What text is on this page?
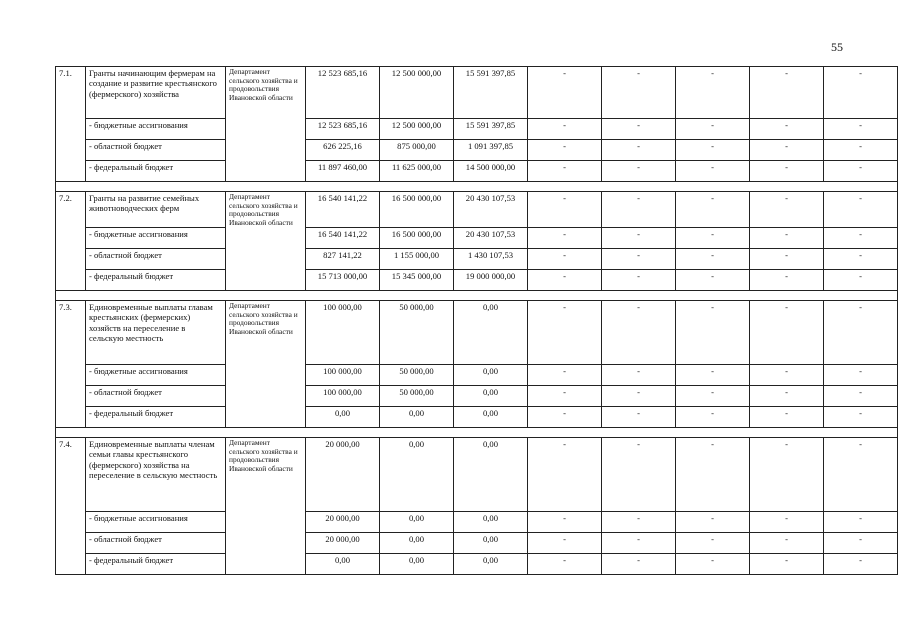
55
7.1.	Гранты начинающим фермерам на создание и развитие крестьянского (фермерского) хозяйства	Департамент сельского хозяйства и продовольствия Ивановской области	12 523 685,16	12 500 000,00	15 591 397,85	-	-	-	-	-
	- бюджетные ассигнования		12 523 685,16	12 500 000,00	15 591 397,85	-	-	-	-	-
	- областной бюджет		626 225,16	875 000,00	1 091 397,85	-	-	-	-	-
	- федеральный бюджет		11 897 460,00	11 625 000,00	14 500 000,00	-	-	-	-	-

7.2.	Гранты на развитие семейных животноводческих ферм	Департамент сельского хозяйства и продовольствия Ивановской области	16 540 141,22	16 500 000,00	20 430 107,53	-	-	-	-	-
	- бюджетные ассигнования		16 540 141,22	16 500 000,00	20 430 107,53	-	-	-	-	-
	- областной бюджет		827 141,22	1 155 000,00	1 430 107,53	-	-	-	-	-
	- федеральный бюджет		15 713 000,00	15 345 000,00	19 000 000,00	-	-	-	-	-

7.3.	Единовременные выплаты главам крестьянских (фермерских) хозяйств на переселение в сельскую местность	Департамент сельского хозяйства и продовольствия Ивановской области	100 000,00	50 000,00	0,00	-	-	-	-	-
	- бюджетные ассигнования		100 000,00	50 000,00	0,00	-	-	-	-	-
	- областной бюджет		100 000,00	50 000,00	0,00	-	-	-	-	-
	- федеральный бюджет		0,00	0,00	0,00	-	-	-	-	-

7.4.	Единовременные выплаты членам семьи главы крестьянского (фермерского) хозяйства на переселение в сельскую местность	Департамент сельского хозяйства и продовольствия Ивановской области	20 000,00	0,00	0,00	-	-	-	-	-
	- бюджетные ассигнования		20 000,00	0,00	0,00	-	-	-	-	-
	- областной бюджет		20 000,00	0,00	0,00	-	-	-	-	-
	- федеральный бюджет		0,00	0,00	0,00	-	-	-	-	-
